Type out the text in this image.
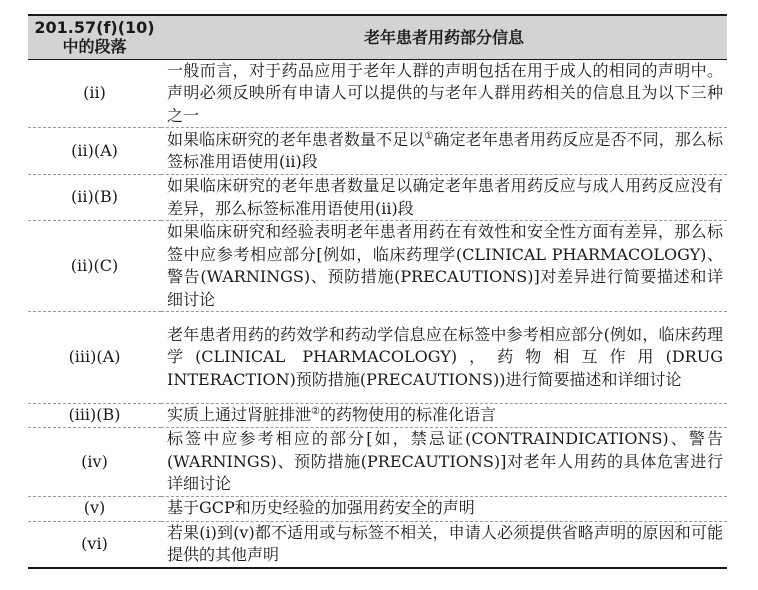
201.57(f)(10)
中的段落	老年患者用药部分信息
(ii)	一般而言，对于药品应用于老年人群的声明包括在用于成人的相同的声明中。声明必须反映所有申请人可以提供的与老年人群用药相关的信息且为以下三种之一
(ii)(A)	如果临床研究的老年患者数量不足以①确定老年患者用药反应是否不同，那么标签标准用语使用(ii)段
(ii)(B)	如果临床研究的老年患者数量足以确定老年患者用药反应与成人用药反应没有差异，那么标签标准用语使用(ii)段
(ii)(C)	如果临床研究和经验表明老年患者用药在有效性和安全性方面有差异，那么标签中应参考相应部分[例如，临床药理学(CLINICAL PHARMACOLOGY)、警告(WARNINGS)、预防措施(PRECAUTIONS)]对差异进行简要描述和详细讨论
(iii)(A)	老年患者用药的药效学和药动学信息应在标签中参考相应部分(例如，临床药理学(CLINICAL PHARMACOLOGY)，药物相互作用(DRUG INTERACTION)预防措施(PRECAUTIONS))进行简要描述和详细讨论
(iii)(B)	实质上通过肾脏排泄②的药物使用的标准化语言
(iv)	标签中应参考相应的部分[如，禁忌证(CONTRAINDICATIONS)、警告(WARNINGS)、预防措施(PRECAUTIONS)]对老年人用药的具体危害进行详细讨论
(v)	基于GCP和历史经验的加强用药安全的声明
(vi)	若果(i)到(v)都不适用或与标签不相关，申请人必须提供省略声明的原因和可能提供的其他声明
